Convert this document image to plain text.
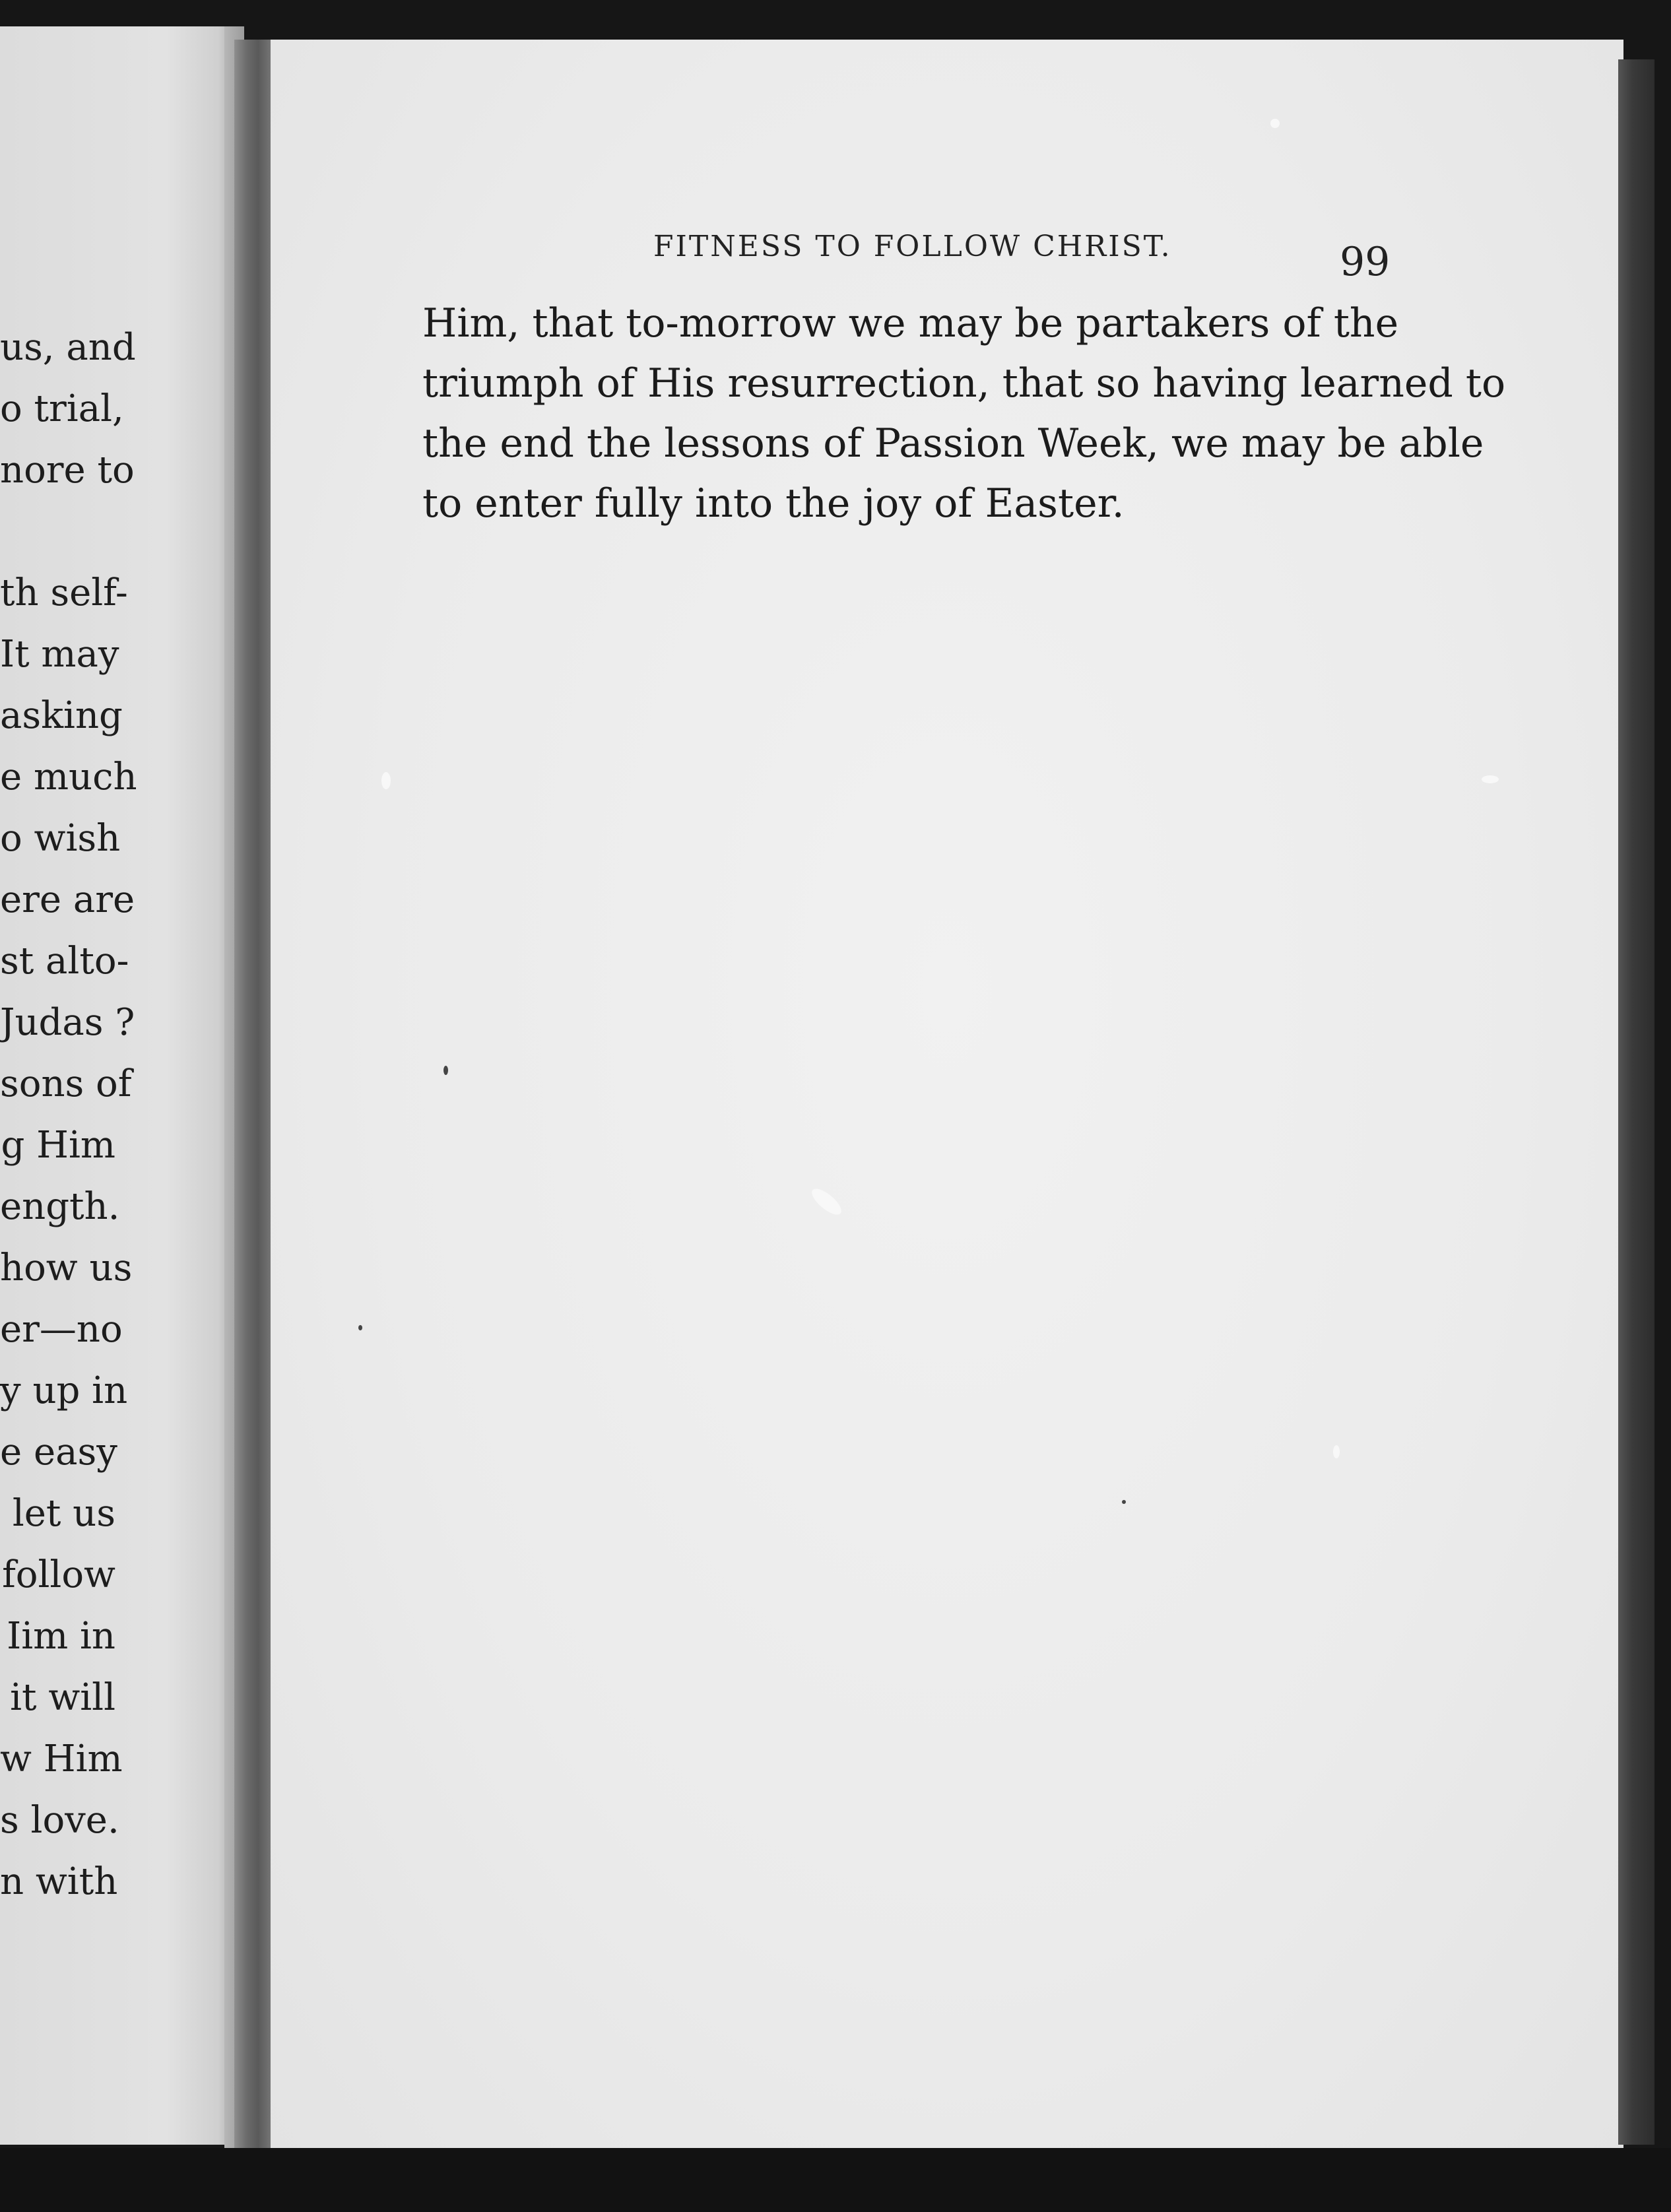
us, and
o trial,
nore to
th self-
It may
asking
e much
o wish
ere are
st alto-
Judas ?
sons of
g Him
ength.
how us
er—no
y up in
e easy
let us
follow
Iim in
it will
w Him
s love.
n with
FITNESS TO FOLLOW CHRIST.	99
Him, that to-morrow we may be partakers of the
triumph of His resurrection, that so having learned to
the end the lessons of Passion Week, we may be able
to enter fully into the joy of Easter.
